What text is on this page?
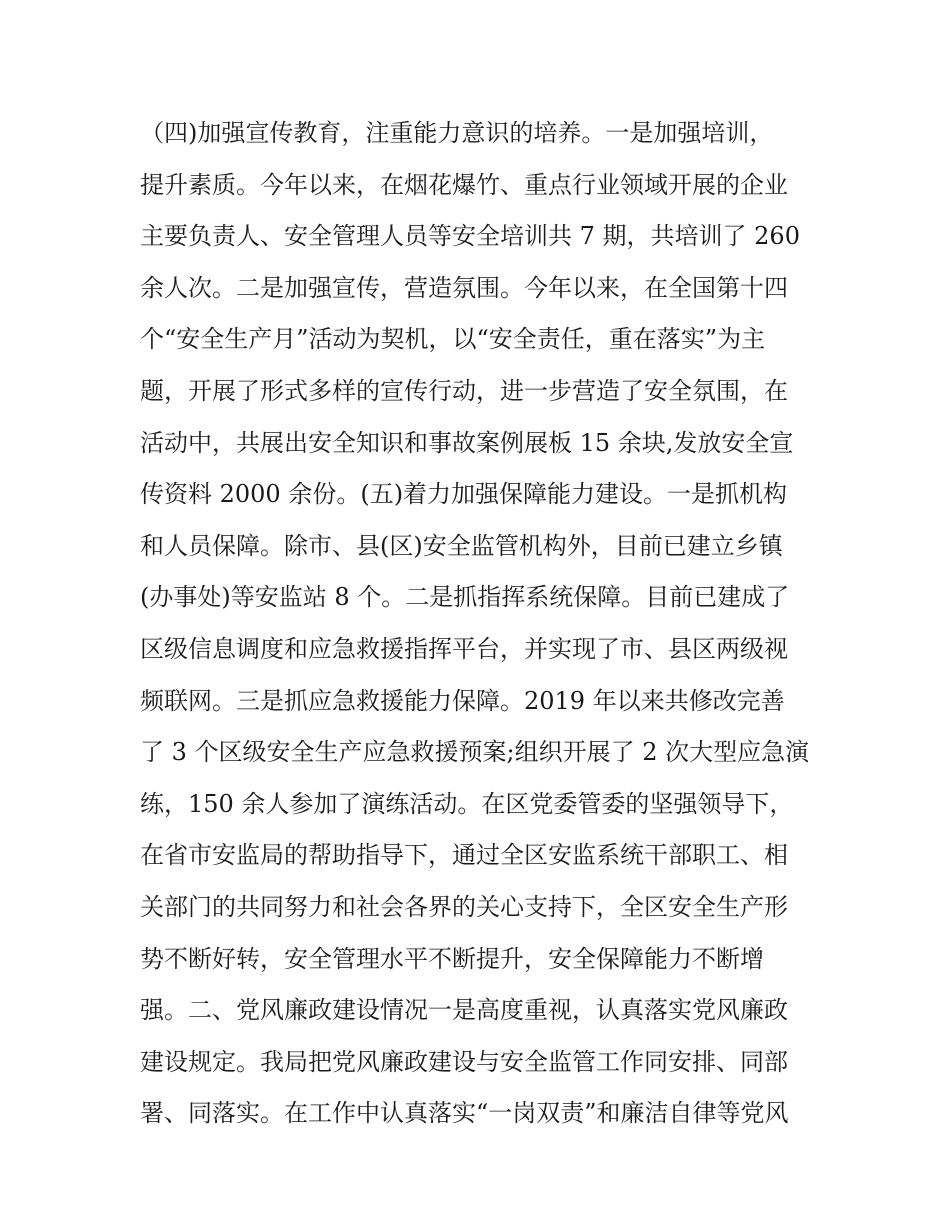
（四)加强宣传教育，注重能力意识的培养。一是加强培训，
提升素质。今年以来，在烟花爆竹、重点行业领域开展的企业
主要负责人、安全管理人员等安全培训共 7 期，共培训了 260
余人次。二是加强宣传，营造氛围。今年以来，在全国第十四
个“安全生产月”活动为契机，以“安全责任，重在落实”为主
题，开展了形式多样的宣传行动，进一步营造了安全氛围，在
活动中，共展出安全知识和事故案例展板 15 余块,发放安全宣
传资料 2000 余份。(五)着力加强保障能力建设。一是抓机构
和人员保障。除市、县(区)安全监管机构外，目前已建立乡镇
(办事处)等安监站 8 个。二是抓指挥系统保障。目前已建成了
区级信息调度和应急救援指挥平台，并实现了市、县区两级视
频联网。三是抓应急救援能力保障。2019 年以来共修改完善
了 3 个区级安全生产应急救援预案;组织开展了 2 次大型应急演
练，150 余人参加了演练活动。在区党委管委的坚强领导下，
在省市安监局的帮助指导下，通过全区安监系统干部职工、相
关部门的共同努力和社会各界的关心支持下，全区安全生产形
势不断好转，安全管理水平不断提升，安全保障能力不断增
强。二、党风廉政建设情况一是高度重视，认真落实党风廉政
建设规定。我局把党风廉政建设与安全监管工作同安排、同部
署、同落实。在工作中认真落实“一岗双责”和廉洁自律等党风
